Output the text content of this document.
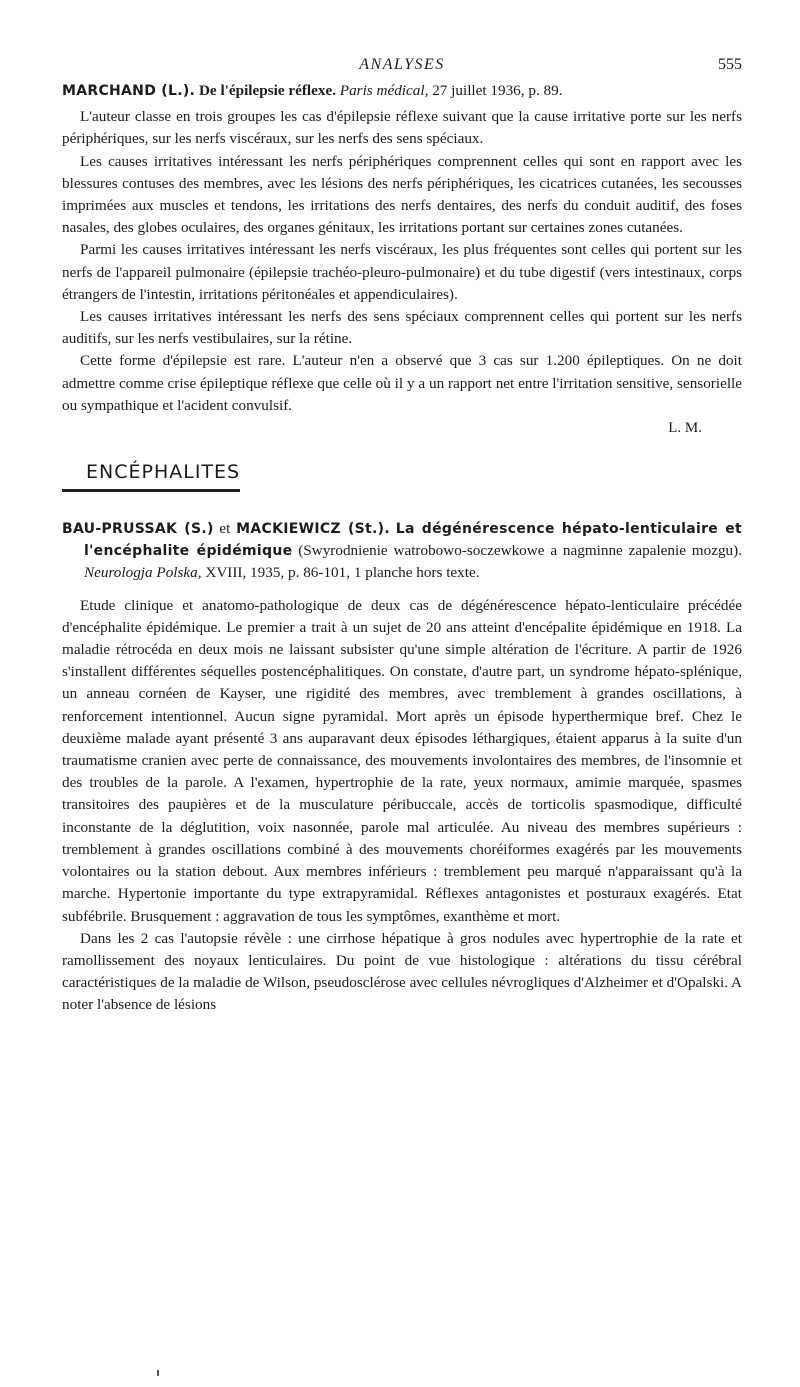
ANALYSES	555

MARCHAND (L.). De l'épilepsie réflexe. Paris médical, 27 juillet 1936, p. 89.

L'auteur classe en trois groupes les cas d'épilepsie réflexe suivant que la cause irritative porte sur les nerfs périphériques, sur les nerfs viscéraux, sur les nerfs des sens spéciaux.

Les causes irritatives intéressant les nerfs périphériques comprennent celles qui sont en rapport avec les blessures contuses des membres, avec les lésions des nerfs périphériques, les cicatrices cutanées, les secousses imprimées aux muscles et tendons, les irritations des nerfs dentaires, des nerfs du conduit auditif, des foses nasales, des globes oculaires, des organes génitaux, les irritations portant sur certaines zones cutanées.

Parmi les causes irritatives intéressant les nerfs viscéraux, les plus fréquentes sont celles qui portent sur les nerfs de l'appareil pulmonaire (épilepsie trachéo-pleuro-pulmonaire) et du tube digestif (vers intestinaux, corps étrangers de l'intestin, irritations péritonéales et appendiculaires).

Les causes irritatives intéressant les nerfs des sens spéciaux comprennent celles qui portent sur les nerfs auditifs, sur les nerfs vestibulaires, sur la rétine.

Cette forme d'épilepsie est rare. L'auteur n'en a observé que 3 cas sur 1.200 épileptiques. On ne doit admettre comme crise épileptique réflexe que celle où il y a un rapport net entre l'irritation sensitive, sensorielle ou sympathique et l'acident convulsif.

L. M.
ENCÉPHALITES

BAU-PRUSSAK (S.) et MACKIEWICZ (St.). La dégénérescence hépato-lenticulaire et l'encéphalite épidémique (Swyrodnienie watrobowo-soczewkowe a nagminne zapalenie mozgu). Neurologja Polska, XVIII, 1935, p. 86-101, 1 planche hors texte.

Etude clinique et anatomo-pathologique de deux cas de dégénérescence hépato-lenticulaire précédée d'encéphalite épidémique. Le premier a trait à un sujet de 20 ans atteint d'encépalite épidémique en 1918. La maladie rétrocéda en deux mois ne laissant subsister qu'une simple altération de l'écriture. A partir de 1926 s'installent différentes séquelles postencéphalitiques. On constate, d'autre part, un syndrome hépato-splénique, un anneau cornéen de Kayser, une rigidité des membres, avec tremblement à grandes oscillations, à renforcement intentionnel. Aucun signe pyramidal. Mort après un épisode hyperthermique bref. Chez le deuxième malade ayant présenté 3 ans auparavant deux épisodes léthargiques, étaient apparus à la suite d'un traumatisme cranien avec perte de connaissance, des mouvements involontaires des membres, de l'insomnie et des troubles de la parole. A l'examen, hypertrophie de la rate, yeux normaux, amimie marquée, spasmes transitoires des paupières et de la musculature péribuccale, accès de torticolis spasmodique, difficulté inconstante de la déglutition, voix nasonnée, parole mal articulée. Au niveau des membres supérieurs : tremblement à grandes oscillations combiné à des mouvements choréiformes exagérés par les mouvements volontaires ou la station debout. Aux membres inférieurs : tremblement peu marqué n'apparaissant qu'à la marche. Hypertonie importante du type extrapyramidal. Réflexes antagonistes et posturaux exagérés. Etat subfébrile. Brusquement : aggravation de tous les symptômes, exanthème et mort.

Dans les 2 cas l'autopsie révèle : une cirrhose hépatique à gros nodules avec hypertrophie de la rate et ramollissement des noyaux lenticulaires. Du point de vue histologique : altérations du tissu cérébral caractéristiques de la maladie de Wilson, pseudosclérose avec cellules névrogliques d'Alzheimer et d'Opalski. A noter l'absence de lésions
